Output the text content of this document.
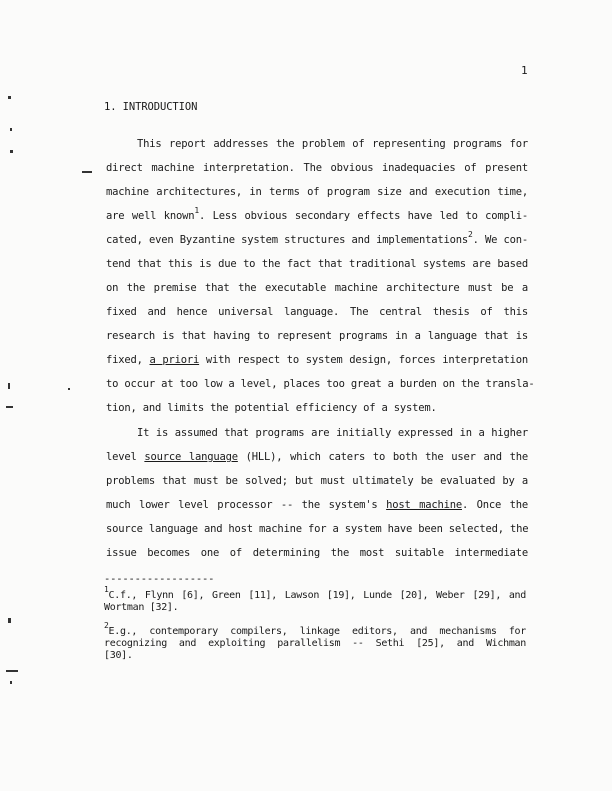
1
1. INTRODUCTION
This report addresses the problem of representing programs for
direct machine interpretation. The obvious inadequacies of present
machine architectures, in terms of program size and execution time,
are well known$^1$. Less obvious secondary effects have led to compli-
cated, even Byzantine system structures and implementations$^2$. We con-
tend that this is due to the fact that traditional systems are based
on the premise that the executable machine architecture must be a
fixed and hence universal language. The central thesis of this
research is that having to represent programs in a language that is
fixed, a priori with respect to system design, forces interpretation
to occur at too low a level, places too great a burden on the transla-
tion, and limits the potential efficiency of a system.
It is assumed that programs are initially expressed in a higher
level source language (HLL), which caters to both the user and the
problems that must be solved; but must ultimately be evaluated by a
much lower level processor -- the system's host machine. Once the
source language and host machine for a system have been selected, the
issue becomes one of determining the most suitable intermediate
------------------
$^1$C.f., Flynn [6], Green [11], Lawson [19], Lunde [20], Weber [29], and
Wortman [32].
$^2$E.g., contemporary compilers, linkage editors, and mechanisms for
recognizing and exploiting parallelism -- Sethi [25], and Wichman
[30].
